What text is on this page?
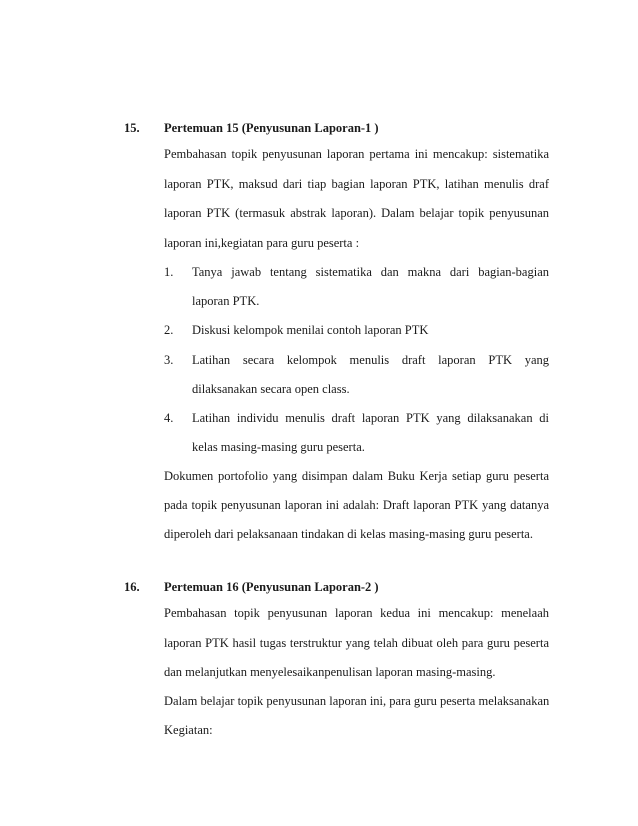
15. Pertemuan 15 (Penyusunan Laporan-1 )
Pembahasan topik penyusunan laporan pertama ini mencakup: sistematika
laporan PTK, maksud dari tiap bagian laporan PTK, latihan menulis draf
laporan PTK (termasuk abstrak laporan). Dalam belajar topik penyusunan
laporan ini,kegiatan para guru peserta :
1. Tanya jawab tentang sistematika dan makna dari bagian-bagian
laporan PTK.
2. Diskusi kelompok menilai contoh laporan PTK
3. Latihan secara kelompok menulis draft laporan PTK yang
dilaksanakan secara open class.
4. Latihan individu menulis draft laporan PTK yang dilaksanakan di
kelas masing-masing guru peserta.
Dokumen portofolio yang disimpan dalam Buku Kerja setiap guru peserta
pada topik penyusunan laporan ini adalah: Draft laporan PTK yang datanya
diperoleh dari pelaksanaan tindakan di kelas masing-masing guru peserta.
16. Pertemuan 16 (Penyusunan Laporan-2 )
Pembahasan topik penyusunan laporan kedua ini mencakup: menelaah
laporan PTK hasil tugas terstruktur yang telah dibuat oleh para guru peserta
dan melanjutkan menyelesaikanpenulisan laporan masing-masing.
Dalam belajar topik penyusunan laporan ini, para guru peserta melaksanakan
Kegiatan:
